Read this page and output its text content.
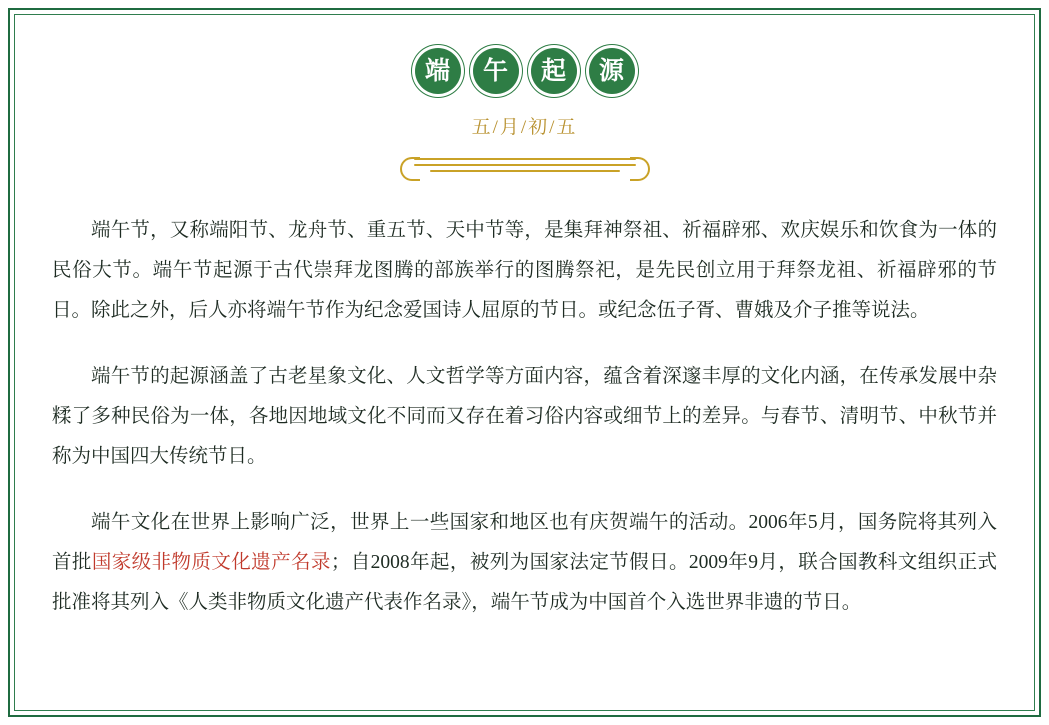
端	午	起	源
五/月/初/五

端午节，又称端阳节、龙舟节、重五节、天中节等，是集拜神祭祖、祈福辟邪、欢庆娱乐和饮食为一体的民俗大节。端午节起源于古代崇拜龙图腾的部族举行的图腾祭祀，是先民创立用于拜祭龙祖、祈福辟邪的节日。除此之外，后人亦将端午节作为纪念爱国诗人屈原的节日。或纪念伍子胥、曹娥及介子推等说法。

端午节的起源涵盖了古老星象文化、人文哲学等方面内容，蕴含着深邃丰厚的文化内涵，在传承发展中杂糅了多种民俗为一体，各地因地域文化不同而又存在着习俗内容或细节上的差异。与春节、清明节、中秋节并称为中国四大传统节日。

端午文化在世界上影响广泛，世界上一些国家和地区也有庆贺端午的活动。2006年5月，国务院将其列入首批国家级非物质文化遗产名录；自2008年起，被列为国家法定节假日。2009年9月，联合国教科文组织正式批准将其列入《人类非物质文化遗产代表作名录》，端午节成为中国首个入选世界非遗的节日。
